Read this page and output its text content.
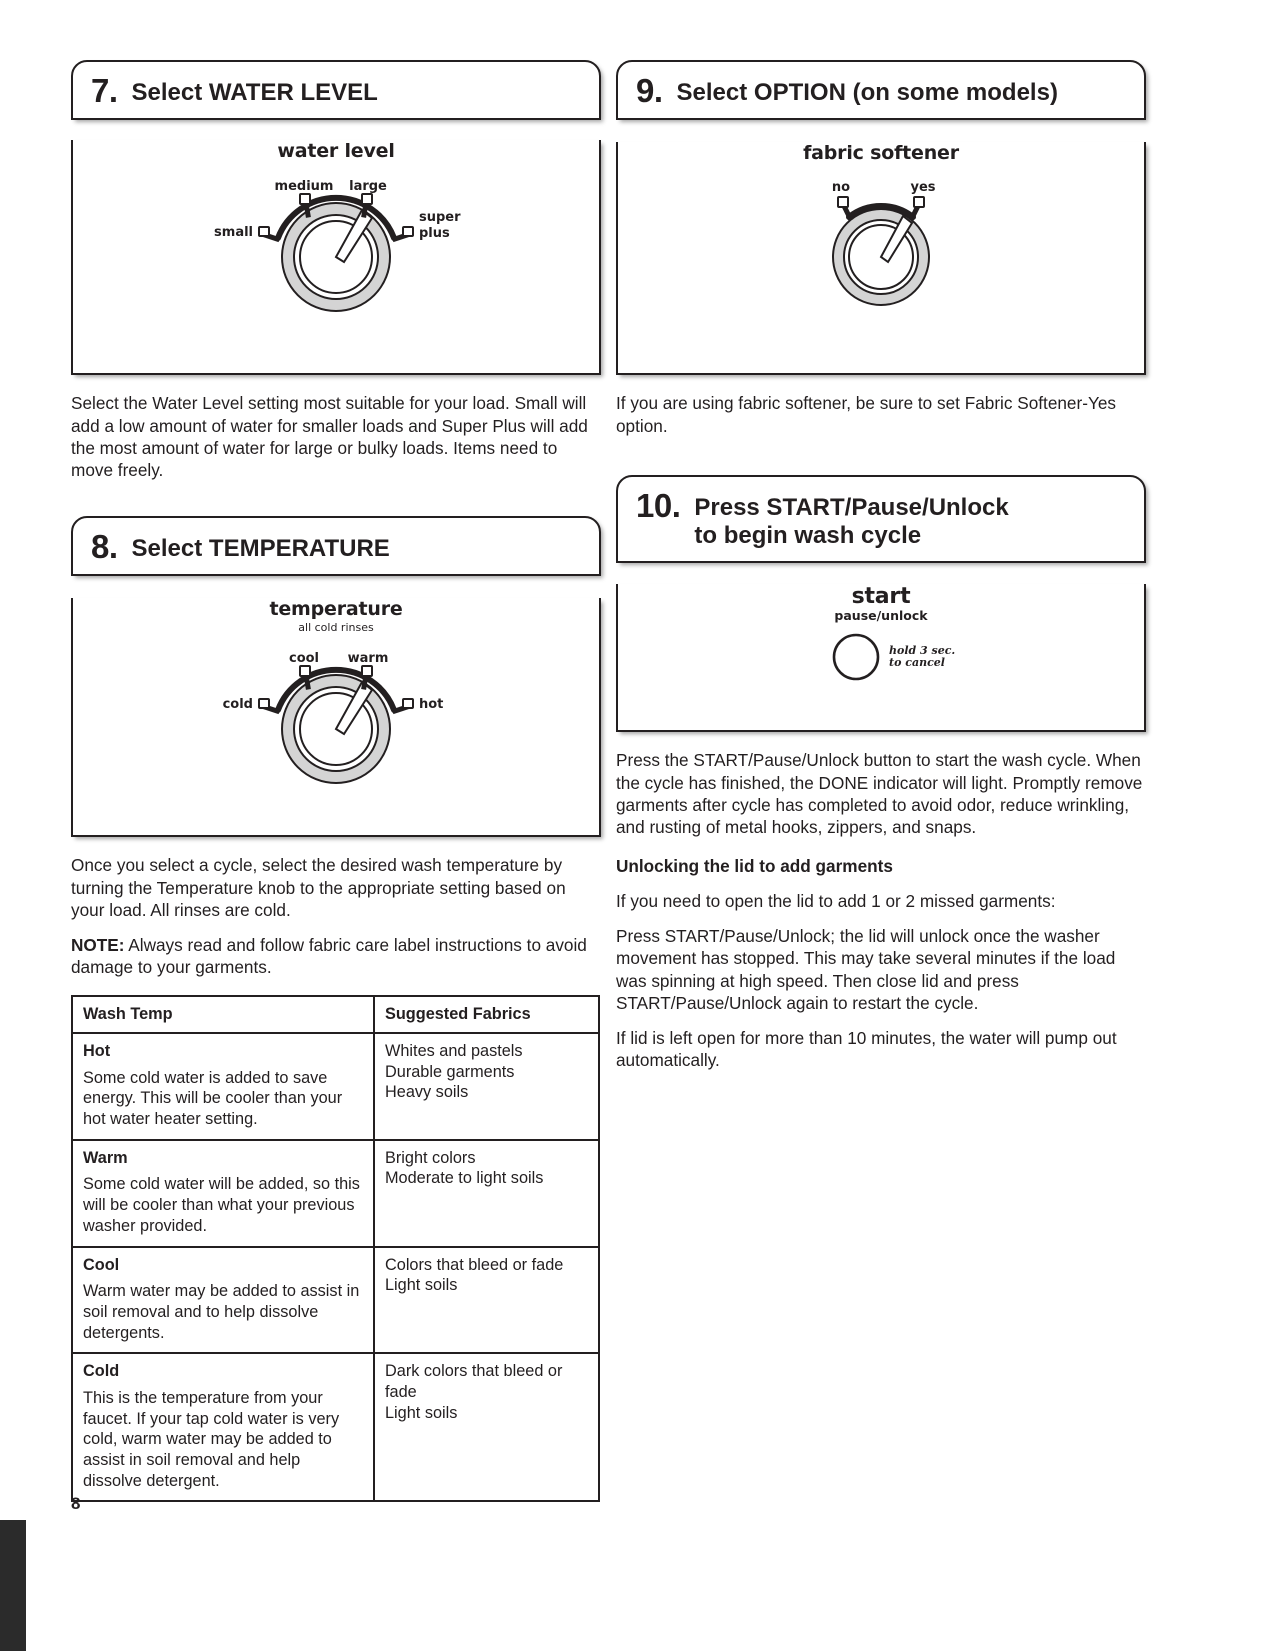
7. Select WATER LEVEL
water level
small
medium large
super
plus

Select the Water Level setting most suitable for your load. Small will add a low amount of water for smaller loads and Super Plus will add the most amount of water for large or bulky loads. Items need to move freely.

8. Select TEMPERATURE
temperature
all cold rinses
cold
cool warm
hot

Once you select a cycle, select the desired wash temperature by turning the Temperature knob to the appropriate setting based on your load. All rinses are cold.

NOTE: Always read and follow fabric care label instructions to avoid damage to your garments.

Wash Temp	Suggested Fabrics

Hot
Some cold water is added to save energy. This will be cooler than your hot water heater setting.	Whites and pastels
Durable garments
Heavy soils

Warm
Some cold water will be added, so this will be cooler than what your previous washer provided.	Bright colors
Moderate to light soils

Cool
Warm water may be added to assist in soil removal and to help dissolve detergents.	Colors that bleed or fade
Light soils

Cold
This is the temperature from your faucet. If your tap cold water is very cold, warm water may be added to assist in soil removal and help dissolve detergent.	Dark colors that bleed or fade
Light soils
9. Select OPTION (on some models)
fabric softener
no	yes

If you are using fabric softener, be sure to set Fabric Softener-Yes option.

10. Press START/Pause/Unlock
to begin wash cycle
start
pause/unlock
hold 3 sec.
to cancel

Press the START/Pause/Unlock button to start the wash cycle. When the cycle has finished, the DONE indicator will light. Promptly remove garments after cycle has completed to avoid odor, reduce wrinkling, and rusting of metal hooks, zippers, and snaps.

Unlocking the lid to add garments

If you need to open the lid to add 1 or 2 missed garments:

Press START/Pause/Unlock; the lid will unlock once the washer movement has stopped. This may take several minutes if the load was spinning at high speed. Then close lid and press START/Pause/Unlock again to restart the cycle.

If lid is left open for more than 10 minutes, the water will pump out automatically.

8
